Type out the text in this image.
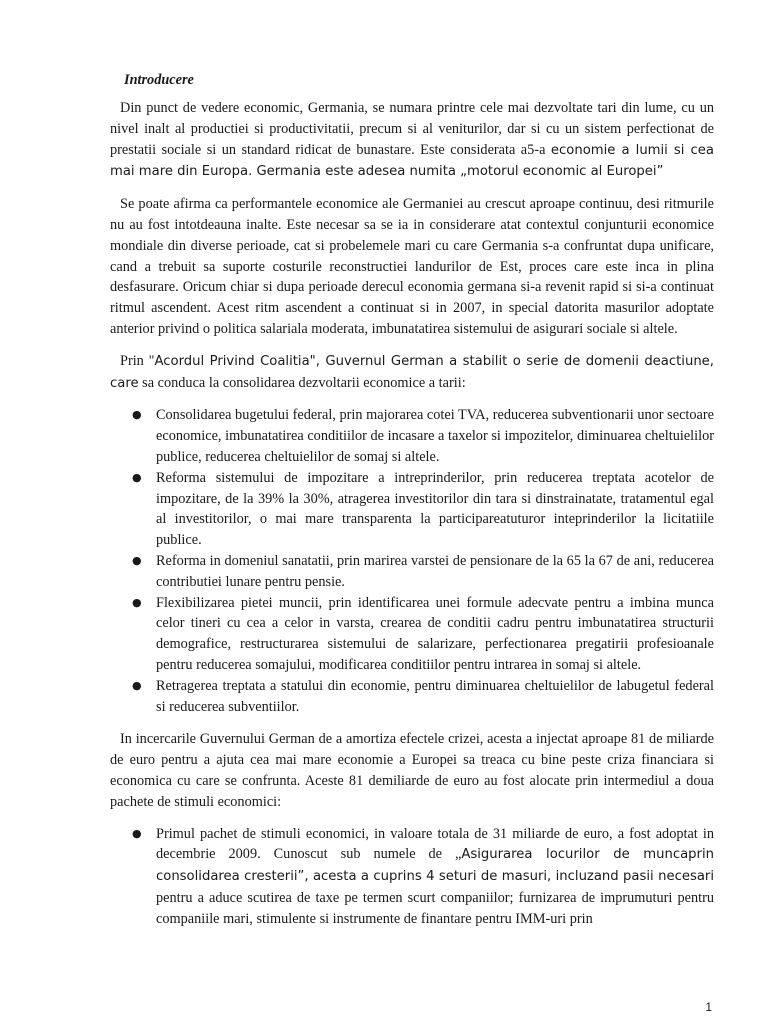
Introducere

Din punct de vedere economic, Germania, se numara printre cele mai dezvoltate tari din lume, cu un nivel inalt al productiei si productivitatii, precum si al veniturilor, dar si cu un sistem perfectionat de prestatii sociale si un standard ridicat de bunastare. Este considerata a5-a economie a lumii si cea mai mare din Europa. Germania este adesea numita „motorul economic al Europei”

Se poate afirma ca performantele economice ale Germaniei au crescut aproape continuu, desi ritmurile nu au fost intotdeauna inalte. Este necesar sa se ia in considerare atat contextul conjunturii economice mondiale din diverse perioade, cat si probelemele mari cu care Germania s-a confruntat dupa unificare, cand a trebuit sa suporte costurile reconstructiei landurilor de Est, proces care este inca in plina desfasurare. Oricum chiar si dupa perioade derecul economia germana si-a revenit rapid si si-a continuat ritmul ascendent. Acest ritm ascendent a continuat si in 2007, in special datorita masurilor adoptate anterior privind o politica salariala moderata, imbunatatirea sistemului de asigurari sociale si altele.

Prin "Acordul Privind Coalitia", Guvernul German a stabilit o serie de domenii deactiune, care sa conduca la consolidarea dezvoltarii economice a tarii:

● Consolidarea bugetului federal, prin majorarea cotei TVA, reducerea subventionarii unor sectoare economice, imbunatatirea conditiilor de incasare a taxelor si impozitelor, diminuarea cheltuielilor publice, reducerea cheltuielilor de somaj si altele.
● Reforma sistemului de impozitare a intreprinderilor, prin reducerea treptata acotelor de impozitare, de la 39% la 30%, atragerea investitorilor din tara si dinstrainatate, tratamentul egal al investitorilor, o mai mare transparenta la participareatuturor inteprinderilor la licitatiile publice.
● Reforma in domeniul sanatatii, prin marirea varstei de pensionare de la 65 la 67 de ani, reducerea contributiei lunare pentru pensie.
● Flexibilizarea pietei muncii, prin identificarea unei formule adecvate pentru a imbina munca celor tineri cu cea a celor in varsta, crearea de conditii cadru pentru imbunatatirea structurii demografice, restructurarea sistemului de salarizare, perfectionarea pregatirii profesioanale pentru reducerea somajului, modificarea conditiilor pentru intrarea in somaj si altele.
● Retragerea treptata a statului din economie, pentru diminuarea cheltuielilor de labugetul federal si reducerea subventiilor.

In incercarile Guvernului German de a amortiza efectele crizei, acesta a injectat aproape 81 de miliarde de euro pentru a ajuta cea mai mare economie a Europei sa treaca cu bine peste criza financiara si economica cu care se confrunta. Aceste 81 demiliarde de euro au fost alocate prin intermediul a doua pachete de stimuli economici:

● Primul pachet de stimuli economici, in valoare totala de 31 miliarde de euro, a fost adoptat in decembrie 2009. Cunoscut sub numele de „Asigurarea locurilor de muncaprin consolidarea cresterii”, acesta a cuprins 4 seturi de masuri, incluzand pasii necesari pentru a aduce scutirea de taxe pe termen scurt companiilor; furnizarea de imprumuturi pentru companiile mari, stimulente si instrumente de finantare pentru IMM-uri prin
1
